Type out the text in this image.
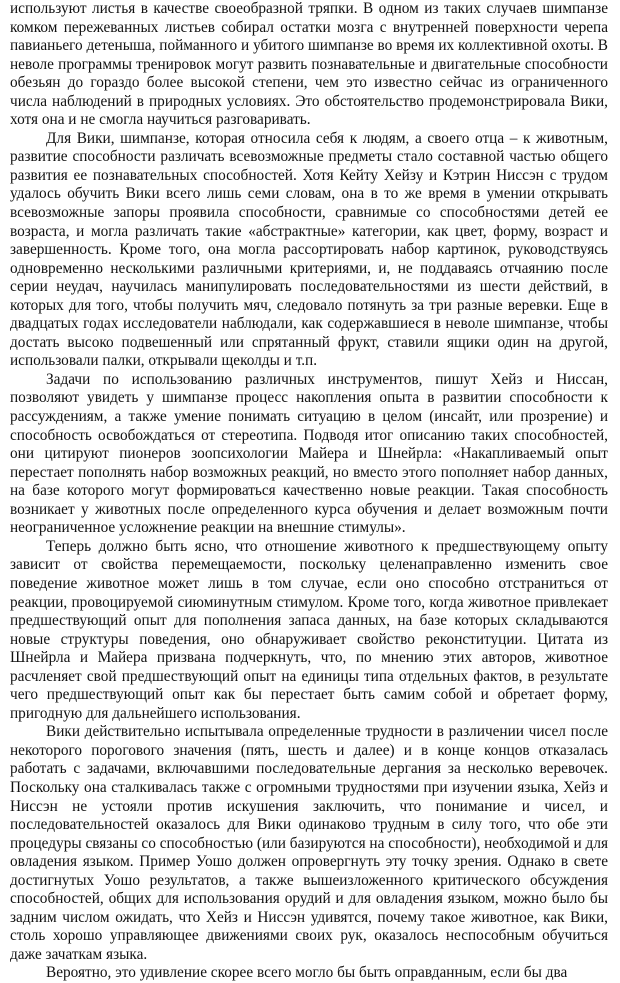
используют листья в качестве своеобразной тряпки. В одном из таких случаев шимпанзе комком пережеванных листьев собирал остатки мозга с внутренней поверхности черепа павианьего детеныша, пойманного и убитого шимпанзе во время их коллективной охоты. В неволе программы тренировок могут развить познавательные и двигательные способности обезьян до гораздо более высокой степени, чем это известно сейчас из ограниченного числа наблюдений в природных условиях. Это обстоятельство продемонстрировала Вики, хотя она и не смогла научиться разговаривать.

Для Вики, шимпанзе, которая относила себя к людям, а своего отца – к животным, развитие способности различать всевозможные предметы стало составной частью общего развития ее познавательных способностей. Хотя Кейту Хейзу и Кэтрин Ниссэн с трудом удалось обучить Вики всего лишь семи словам, она в то же время в умении открывать всевозможные запоры проявила способности, сравнимые со способностями детей ее возраста, и могла различать такие «абстрактные» категории, как цвет, форму, возраст и завершенность. Кроме того, она могла рассортировать набор картинок, руководствуясь одновременно несколькими различными критериями, и, не поддаваясь отчаянию после серии неудач, научилась манипулировать последовательностями из шести действий, в которых для того, чтобы получить мяч, следовало потянуть за три разные веревки. Еще в двадцатых годах исследователи наблюдали, как содержавшиеся в неволе шимпанзе, чтобы достать высоко подвешенный или спрятанный фрукт, ставили ящики один на другой, использовали палки, открывали щеколды и т.п.

Задачи по использованию различных инструментов, пишут Хейз и Ниссан, позволяют увидеть у шимпанзе процесс накопления опыта в развитии способности к рассуждениям, а также умение понимать ситуацию в целом (инсайт, или прозрение) и способность освобождаться от стереотипа. Подводя итог описанию таких способностей, они цитируют пионеров зоопсихологии Майера и Шнейрла: «Накапливаемый опыт перестает пополнять набор возможных реакций, но вместо этого пополняет набор данных, на базе которого могут формироваться качественно новые реакции. Такая способность возникает у животных после определенного курса обучения и делает возможным почти неограниченное усложнение реакции на внешние стимулы».

Теперь должно быть ясно, что отношение животного к предшествующему опыту зависит от свойства перемещаемости, поскольку целенаправленно изменить свое поведение животное может лишь в том случае, если оно способно отстраниться от реакции, провоцируемой сиюминутным стимулом. Кроме того, когда животное привлекает предшествующий опыт для пополнения запаса данных, на базе которых складываются новые структуры поведения, оно обнаруживает свойство реконституции. Цитата из Шнейрла и Майера призвана подчеркнуть, что, по мнению этих авторов, животное расчленяет свой предшествующий опыт на единицы типа отдельных фактов, в результате чего предшествующий опыт как бы перестает быть самим собой и обретает форму, пригодную для дальнейшего использования.

Вики действительно испытывала определенные трудности в различении чисел после некоторого порогового значения (пять, шесть и далее) и в конце концов отказалась работать с задачами, включавшими последовательные дергания за несколько веревочек. Поскольку она сталкивалась также с огромными трудностями при изучении языка, Хейз и Ниссэн не устояли против искушения заключить, что понимание и чисел, и последовательностей оказалось для Вики одинаково трудным в силу того, что обе эти процедуры связаны со способностью (или базируются на способности), необходимой и для овладения языком. Пример Уошо должен опровергнуть эту точку зрения. Однако в свете достигнутых Уошо результатов, а также вышеизложенного критического обсуждения способностей, общих для использования орудий и для овладения языком, можно было бы задним числом ожидать, что Хейз и Ниссэн удивятся, почему такое животное, как Вики, столь хорошо управляющее движениями своих рук, оказалось неспособным обучиться даже зачаткам языка.

Вероятно, это удивление скорее всего могло бы быть оправданным, если бы два
